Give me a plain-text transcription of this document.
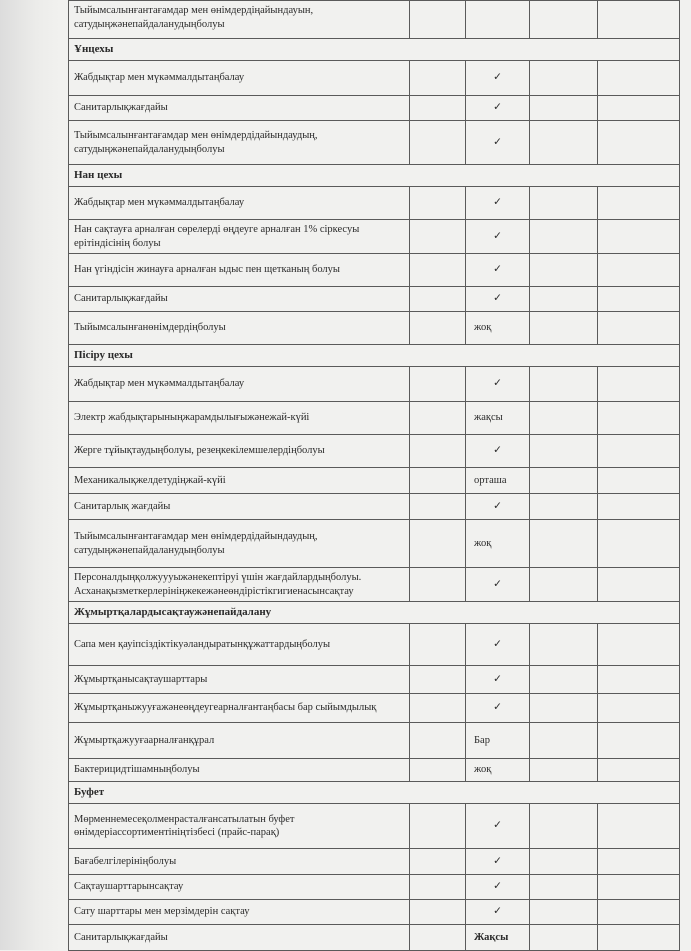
Тыйымсалынғантағамдар мен өнімдердіңайындауын, сатудыңжәнепайдаланудыңболуы				

Ұнцехы				
Жабдықтар мен мүкәммалдытаңбалау		✓		
Санитарлықжағдайы		✓		
Тыйымсалынғантағамдар мен өнімдердідайындаудың, сатудыңжәнепайдаланудыңболуы		✓		
Нан цехы				
Жабдықтар мен мүкәммалдытаңбалау		✓		
Нан сақтауға арналған сөрелерді өңдеуге арналған 1% сіркесуы ерітіндісінің болуы		✓		
Нан үгіндісін жинауға арналған ыдыс пен щетканың болуы		✓		
Санитарлықжағдайы		✓		
Тыйымсалынғанөнімдердіңболуы		жоқ		
Пісіру цехы				
Жабдықтар мен мүкәммалдытаңбалау		✓		
Электр жабдықтарыныңжарамдылығыжәнежай-күйі		жақсы		
Жерге тұйықтаудыңболуы, резеңкекілемшелердіңболуы		✓		
Механикалықжелдетудіңжай-күйі		орташа		
Санитарлық жағдайы		✓		
Тыйымсалынғантағамдар мен өнімдердідайындаудың, сатудыңжәнепайдаланудыңболуы		жоқ		
Персоналдыңқолжуууыжәнекептіруі үшін жағдайлардыңболуы. Асханақызметкерлерініңжекежәнеөндірістікгигиенасынсақтау		✓		
Жұмыртқалардысақтаужәнепайдалану				
Сапа мен қауіпсіздіктікуәландыратынқұжаттардыңболуы		✓		
Жұмыртқанысақтаушарттары		✓		
Жұмыртқаныжууғажәнеөңдеугеарналғантаңбасы бар сыйымдылық		✓		
Жұмыртқажууғаарналғанқұрал		Бар		
Бактерицидтішамныңболуы		жоқ		
Буфет				
Мөрменнемесеқолменрасталғансатылатын буфет өнімдеріассортиментініңтізбесі (прайс-парақ)		✓		
Бағабелгілерініңболуы		✓		
Сақтаушарттарынсақтау		✓		
Сату шарттары мен мерзімдерін сақтау		✓		
Санитарлықжағдайы		Жақсы		
